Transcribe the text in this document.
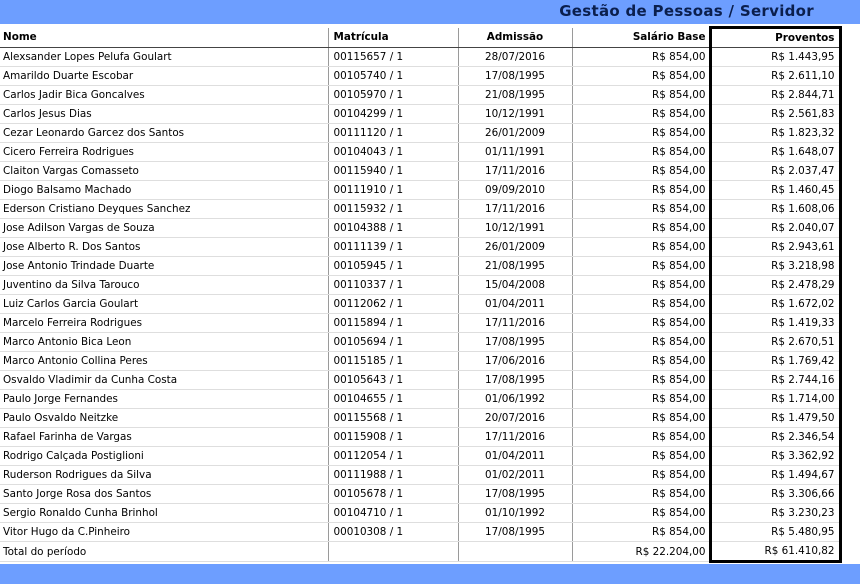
Gestão de Pessoas / Servidor
Nome	Matrícula	Admissão	Salário Base	Proventos
Alexsander Lopes Pelufa Goulart	00115657 / 1	28/07/2016	R$ 854,00	R$ 1.443,95
Amarildo Duarte Escobar	00105740 / 1	17/08/1995	R$ 854,00	R$ 2.611,10
Carlos Jadir Bica Goncalves	00105970 / 1	21/08/1995	R$ 854,00	R$ 2.844,71
Carlos Jesus Dias	00104299 / 1	10/12/1991	R$ 854,00	R$ 2.561,83
Cezar Leonardo Garcez dos Santos	00111120 / 1	26/01/2009	R$ 854,00	R$ 1.823,32
Cicero Ferreira Rodrigues	00104043 / 1	01/11/1991	R$ 854,00	R$ 1.648,07
Claiton Vargas Comasseto	00115940 / 1	17/11/2016	R$ 854,00	R$ 2.037,47
Diogo Balsamo Machado	00111910 / 1	09/09/2010	R$ 854,00	R$ 1.460,45
Ederson Cristiano Deyques Sanchez	00115932 / 1	17/11/2016	R$ 854,00	R$ 1.608,06
Jose Adilson Vargas de Souza	00104388 / 1	10/12/1991	R$ 854,00	R$ 2.040,07
Jose Alberto R. Dos Santos	00111139 / 1	26/01/2009	R$ 854,00	R$ 2.943,61
Jose Antonio Trindade Duarte	00105945 / 1	21/08/1995	R$ 854,00	R$ 3.218,98
Juventino da Silva Tarouco	00110337 / 1	15/04/2008	R$ 854,00	R$ 2.478,29
Luiz Carlos Garcia Goulart	00112062 / 1	01/04/2011	R$ 854,00	R$ 1.672,02
Marcelo Ferreira Rodrigues	00115894 / 1	17/11/2016	R$ 854,00	R$ 1.419,33
Marco Antonio Bica Leon	00105694 / 1	17/08/1995	R$ 854,00	R$ 2.670,51
Marco Antonio Collina Peres	00115185 / 1	17/06/2016	R$ 854,00	R$ 1.769,42
Osvaldo Vladimir da Cunha Costa	00105643 / 1	17/08/1995	R$ 854,00	R$ 2.744,16
Paulo Jorge Fernandes	00104655 / 1	01/06/1992	R$ 854,00	R$ 1.714,00
Paulo Osvaldo Neitzke	00115568 / 1	20/07/2016	R$ 854,00	R$ 1.479,50
Rafael Farinha de Vargas	00115908 / 1	17/11/2016	R$ 854,00	R$ 2.346,54
Rodrigo Calçada Postiglioni	00112054 / 1	01/04/2011	R$ 854,00	R$ 3.362,92
Ruderson Rodrigues da Silva	00111988 / 1	01/02/2011	R$ 854,00	R$ 1.494,67
Santo Jorge Rosa dos Santos	00105678 / 1	17/08/1995	R$ 854,00	R$ 3.306,66
Sergio Ronaldo Cunha Brinhol	00104710 / 1	01/10/1992	R$ 854,00	R$ 3.230,23
Vitor Hugo da C.Pinheiro	00010308 / 1	17/08/1995	R$ 854,00	R$ 5.480,95
Total do período			R$ 22.204,00	R$ 61.410,82
